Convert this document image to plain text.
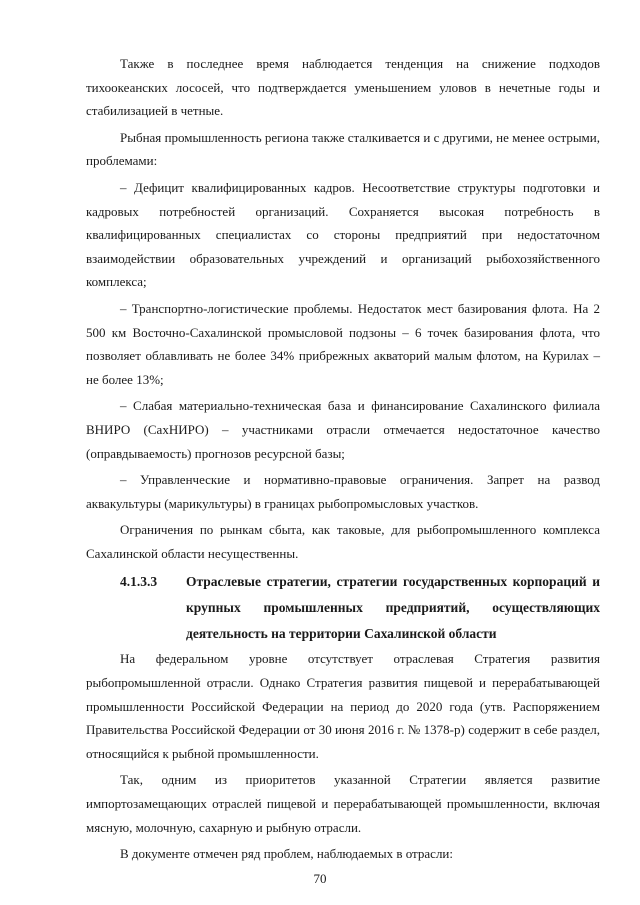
Также в последнее время наблюдается тенденция на снижение подходов тихоокеанских лососей, что подтверждается уменьшением уловов в нечетные годы и стабилизацией в четные.

Рыбная промышленность региона также сталкивается и с другими, не менее острыми, проблемами:

– Дефицит квалифицированных кадров. Несоответствие структуры подготовки и кадровых потребностей организаций. Сохраняется высокая потребность в квалифицированных специалистах со стороны предприятий при недостаточном взаимодействии образовательных учреждений и организаций рыбохозяйственного комплекса;

– Транспортно-логистические проблемы. Недостаток мест базирования флота. На 2 500 км Восточно-Сахалинской промысловой подзоны – 6 точек базирования флота, что позволяет облавливать не более 34% прибрежных акваторий малым флотом, на Курилах – не более 13%;

– Слабая материально-техническая база и финансирование Сахалинского филиала ВНИРО (СахНИРО) – участниками отрасли отмечается недостаточное качество (оправдываемость) прогнозов ресурсной базы;

– Управленческие и нормативно-правовые ограничения. Запрет на развод аквакультуры (марикультуры) в границах рыбопромысловых участков.

Ограничения по рынкам сбыта, как таковые, для рыбопромышленного комплекса Сахалинской области несущественны.

4.1.3.3	Отраслевые стратегии, стратегии государственных корпораций и крупных промышленных предприятий, осуществляющих деятельность на территории Сахалинской области

На федеральном уровне отсутствует отраслевая Стратегия развития рыбопромышленной отрасли. Однако Стратегия развития пищевой и перерабатывающей промышленности Российской Федерации на период до 2020 года (утв. Распоряжением Правительства Российской Федерации от 30 июня 2016 г. № 1378-р) содержит в себе раздел, относящийся к рыбной промышленности.

Так, одним из приоритетов указанной Стратегии является развитие импортозамещающих отраслей пищевой и перерабатывающей промышленности, включая мясную, молочную, сахарную и рыбную отрасли.

В документе отмечен ряд проблем, наблюдаемых в отрасли:

70
